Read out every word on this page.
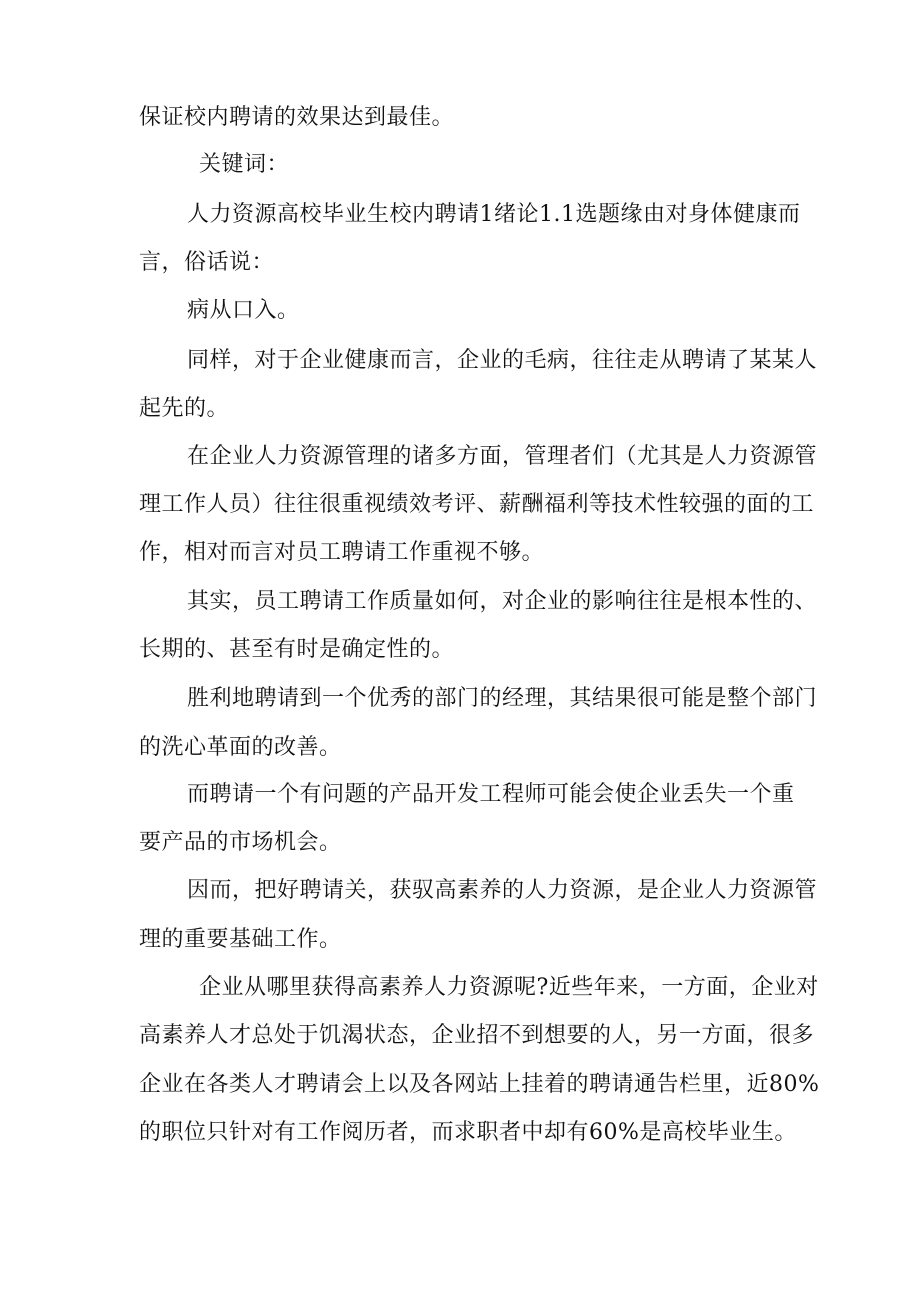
保证校内聘请的效果达到最佳。
关键词：
人力资源高校毕业生校内聘请1绪论1.1选题缘由对身体健康而
言，俗话说：
病从口入。
同样，对于企业健康而言，企业的毛病，往往走从聘请了某某人
起先的。
在企业人力资源管理的诸多方面，管理者们（尤其是人力资源管
理工作人员）往往很重视绩效考评、薪酬福利等技术性较强的面的工
作，相对而言对员工聘请工作重视不够。
其实，员工聘请工作质量如何，对企业的影响往往是根本性的、
长期的、甚至有时是确定性的。
胜利地聘请到一个优秀的部门的经理，其结果很可能是整个部门
的洗心革面的改善。
而聘请一个有问题的产品开发工程师可能会使企业丢失一个重
要产品的市场机会。
因而，把好聘请关，获驭高素养的人力资源，是企业人力资源管
理的重要基础工作。
企业从哪里获得高素养人力资源呢?近些年来，一方面，企业对
高素养人才总处于饥渴状态，企业招不到想要的人，另一方面，很多
企业在各类人才聘请会上以及各网站上挂着的聘请通告栏里，近80%
的职位只针对有工作阅历者，而求职者中却有60%是高校毕业生。
